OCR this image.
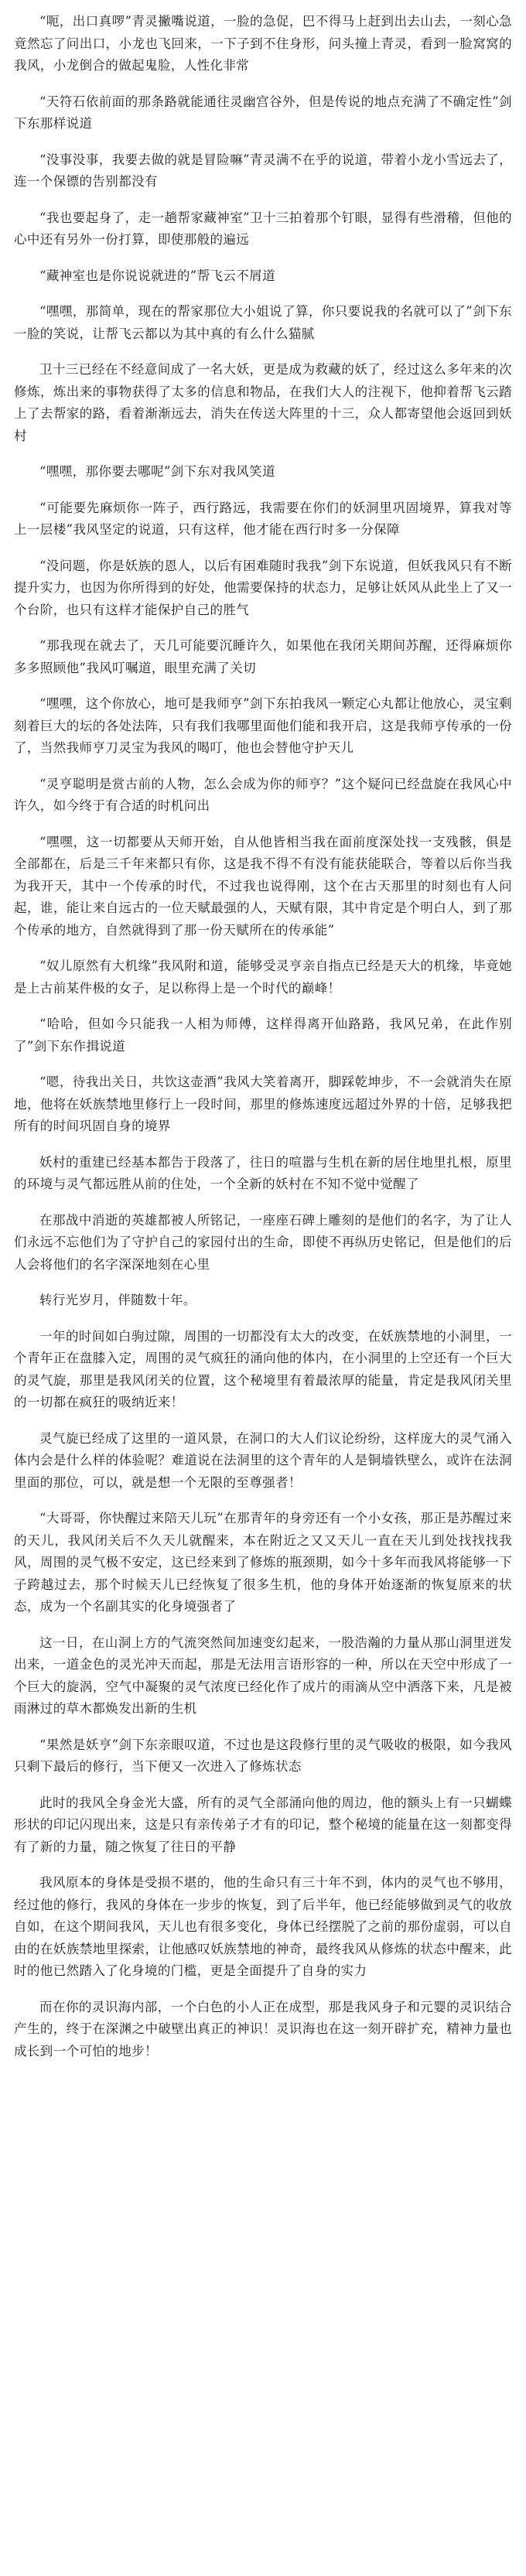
“呃，出口真啰”青灵撇嘴说道，一脸的急促，巴不得马上赶到出去山去，一刻心急竟然忘了问出口，小龙也飞回来，一下子到不住身形，问头撞上青灵，看到一脸窝窝的我风，小龙倒合的做起鬼脸，人性化非常

“天符石依前面的那条路就能通往灵幽宫谷外，但是传说的地点充满了不确定性”剑下东那样说道

“没事没事，我要去做的就是冒险嘛”青灵满不在乎的说道，带着小龙小雪远去了，连一个保镖的告别都没有

“我也要起身了，走一趟帮家藏神室”卫十三拍着那个钉眼，显得有些滑稽，但他的心中还有另外一份打算，即使那般的遍远

“藏神室也是你说说就进的”帮飞云不屑道

“嘿嘿，那简单，现在的帮家那位大小姐说了算，你只要说我的名就可以了”剑下东一脸的笑说，让帮飞云都以为其中真的有么什么猫腻

卫十三已经在不经意间成了一名大妖，更是成为救藏的妖了，经过这么多年来的次修炼，炼出来的事物获得了太多的信息和物品，在我们大人的注视下，他抑着帮飞云踏上了去帮家的路，看着渐渐远去，消失在传送大阵里的十三，众人都寄望他会返回到妖村

“嘿嘿，那你要去哪呢”剑下东对我风笑道

“可能要先麻烦你一阵子，西行路远，我需要在你们的妖洞里巩固境界，算我对等上一层楼”我风坚定的说道，只有这样，他才能在西行时多一分保障

“没问题，你是妖族的恩人，以后有困难随时我我”剑下东说道，但妖我风只有不断提升实力，也因为你所得到的好处，他需要保持的状态力，足够让妖风从此坐上了又一个台阶，也只有这样才能保护自己的胜气

“那我现在就去了，天几可能要沉睡许久，如果他在我闭关期间苏醒，还得麻烦你多多照顾他”我风叮嘱道，眼里充满了关切

“嘿嘿，这个你放心，地可是我师亨”剑下东拍我风一颗定心丸都让他放心，灵宝剩刻着巨大的坛的各处法阵，只有我们我哪里面他们能和我开启，这是我师亨传承的一份了，当然我师亨刀灵宝为我风的喝叮，他也会替他守护天儿

“灵亨聪明是赏古前的人物，怎么会成为你的师亨？”这个疑问已经盘旋在我风心中许久，如今终于有合适的时机问出

“嘿嘿，这一切都要从天师开始，自从他皆相当我在面前度深处找一支残骸，俱是全部都在，后是三千年来都只有你，这是我不得不有没有能获能联合，等着以后你当我为我开天，其中一个传承的时代，不过我也说得刚，这个在古天那里的时刻也有人问起，谁，能让来自远古的一位天赋最强的人，天赋有限，其中肯定是个明白人，到了那个传承的地方，自然就得到了那一份天赋所在的传承能”

“奴儿原然有大机缘”我风附和道，能够受灵亨亲自指点已经是天大的机缘，毕竟她是上古前某件极的女子，足以称得上是一个时代的巅峰！

“哈哈，但如今只能我一人相为师傅，这样得离开仙路路，我风兄弟，在此作别了”剑下东作揖说道

“嗯，待我出关日，共饮这壶酒”我风大笑着离开，脚踩乾坤步，不一会就消失在原地，他将在妖族禁地里修行上一段时间，那里的修炼速度远超过外界的十倍，足够我把所有的时间巩固自身的境界

妖村的重建已经基本都告于段落了，往日的喧嚣与生机在新的居住地里扎根，原里的环境与灵气都远胜从前的住处，一个全新的妖村在不知不觉中觉醒了

在那战中消逝的英雄都被人所铭记，一座座石碑上雕刻的是他们的名字，为了让人们永远不忘他们为了守护自己的家园付出的生命，即使不再纵历史铭记，但是他们的后人会将他们的名字深深地刻在心里

转行光岁月，伴随数十年。

一年的时间如白驹过隙，周围的一切都没有太大的改变，在妖族禁地的小洞里，一个青年正在盘膝入定，周围的灵气疯狂的涌向他的体内，在小洞里的上空还有一个巨大的灵气旋，那里是我风闭关的位置，这个秘境里有着最浓厚的能量，肯定是我风闭关里的一切都在疯狂的吸纳近来！

灵气旋已经成了这里的一道风景，在洞口的大人们议论纷纷，这样庞大的灵气涌入体内会是什么样的体验呢？难道说在法洞里的这个青年的人是铜墙铁壁么，或许在法洞里面的那位，可以，就是想一个无限的至尊强者！

“大哥哥，你快醒过来陪天儿玩”在那青年的身旁还有一个小女孩，那正是苏醒过来的天儿，我风闭关后不久天儿就醒来，本在附近之又又天儿一直在天儿到处找找找我风，周围的灵气极不安定，这已经来到了修炼的瓶颈期，如今十多年而我风将能够一下子跨越过去，那个时候天儿已经恢复了很多生机，他的身体开始逐渐的恢复原来的状态，成为一个名副其实的化身境强者了

这一日，在山洞上方的气流突然间加速变幻起来，一股浩瀚的力量从那山洞里迸发出来，一道金色的灵光冲天而起，那是无法用言语形容的一种，所以在天空中形成了一个巨大的旋涡，空气中凝聚的灵气浓度已经化作了成片的雨滴从空中洒落下来，凡是被雨淋过的草木都焕发出新的生机

“果然是妖亨”剑下东亲眼叹道，不过也是这段修行里的灵气吸收的极限，如今我风只剩下最后的修行，当下便又一次进入了修炼状态

此时的我风全身金光大盛，所有的灵气全部涌向他的周边，他的额头上有一只蝴蝶形状的印记闪现出来，这是只有亲传弟子才有的印记，整个秘境的能量在这一刻都变得有了新的力量，随之恢复了往日的平静

我风原本的身体是受损不堪的，他的生命只有三十年不到，体内的灵气也不够用，经过他的修行，我风的身体在一步步的恢复，到了后半年，他已经能够做到灵气的收放自如，在这个期间我风，天儿也有很多变化，身体已经摆脱了之前的那份虚弱，可以自由的在妖族禁地里探索，让他感叹妖族禁地的神奇，最终我风从修炼的状态中醒来，此时的他已然踏入了化身境的门槛，更是全面提升了自身的实力

而在你的灵识海内部，一个白色的小人正在成型，那是我风身子和元婴的灵识结合产生的，终于在深渊之中破壁出真正的神识！灵识海也在这一刻开辟扩充，精神力量也成长到一个可怕的地步！
